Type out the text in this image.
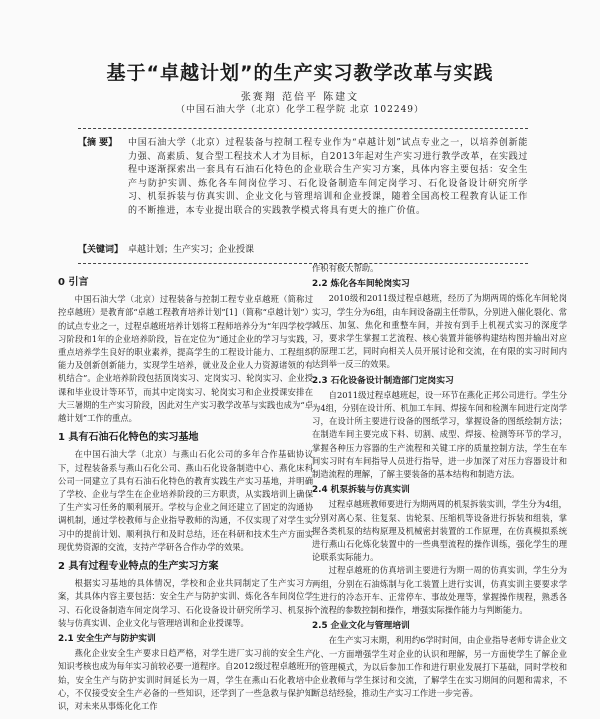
基于“卓越计划”的生产实习教学改革与实践
张赛翔 范倍平 陈建文
（中国石油大学（北京）化学工程学院 北京 102249）
【摘 要】	中国石油大学（北京）过程装备与控制工程专业作为“卓越计划”试点专业之一，以培养创新能力强、高素质、复合型工程技术人才为目标，自2013年起对生产实习进行教学改革，在实践过程中逐渐探索出一套具有石油石化特色的企业联合生产实习方案，具体内容主要包括：安全生产与防护实训、炼化各车间岗位学习、石化设备制造车间定岗学习、石化设备设计研究所学习、机泵拆装与仿真实训、企业文化与管理培训和企业授课，随着全国高校工程教育认证工作的不断推进，本专业提出联合的实践教学模式将具有更大的推广价值。
【关键词】 卓越计划；生产实习；企业授课
0 引言

中国石油大学（北京）过程装备与控制工程专业卓越班（简称过控卓越班）是教育部“卓越工程教育培养计划”[1]（简称“卓越计划”）的试点专业之一，过程卓越班培养计划将工程师培养分为“年四学校学习阶段和1年的企业培养阶段，旨在定位为“通过企业的学习与实践，重点培养学生良好的职业素养，提高学生的工程设计能力、工程组织能力及创新创新能力，实现学生培养，就业及企业人力资源诸领的有机结合”。企业培养阶段包括顶岗实习、定岗实习、轮岗实习、企业授课和毕业设计等环节，而其中定岗实习、轮岗实习和企业授课安排在大三暑期的生产实习阶段，因此对生产实习教学改革与实践也成为“卓越计划”工作的重点。

1 具有石油石化特色的实习基地

在中国石油大学（北京）与燕山石化公司的多年合作基础协议下，过程装备系与燕山石化公司、燕山石化设备制造中心、燕化床科公司一同建立了具有石油石化特色的教育实践生产实习基地，并明确了学校、企业与学生在企业培养阶段的三方职责，从实践培训上确保了生产实习任务的顺利展开。学校与企业之间还建立了固定的沟通协调机制，通过学校教师与企业指导教师的沟通，不仅实现了对学生实习中的提前计划、顺利执行和及时总结，还在科研和技术生产方面实现优势资源的交流，支持产学研各合作办学的效果。

2 具有过程专业特点的生产实习方案

根据实习基地的具体情况，学校和企业共同制定了生产实习方案，其具体内容主要包括：安全生产与防护实训、炼化各车间岗位学习、石化设备制造车间定岗学习、石化设备设计研究所学习、机泵拆装与仿真实训、企业文化与管理培训和企业授课等。

2.1 安全生产与防护实训

燕化企业安全生产要求日趋严格，对学生进厂实习前的安全生产知识考核也成为每年实习前较必要一道程序。自2012级过程卓越班开始，安全生产与防护实训时间延长为一周，学生在燕山石化教培中心，不仅接受安全生产必备的一些知识，还学到了一些急救与保护知识，对未来从事炼化化工作

作积有极大帮助。

2.2 炼化各车间轮岗实习

2010级和2011级过程卓越班，经历了为期两周的炼化车间轮岗实习，学生分为6组，由车间设备副主任带队，分别进入催化裂化、常减压、加氢、焦化和重整车间，并按有到手上机视式实习的深度学习，要求学生掌握工艺流程、核心装置并能够构建结构图并输出对应的原理工艺，同时向相关人员开展讨论和交流，在有限的实习时间内达到举一反三的效果。

2.3 石化设备设计制造部门定岗实习

自2011级过程卓越班起，设一环节在燕化正邦公司进行。学生分为4组，分别在设计所、机加工车间、焊接车间和检测车间进行定岗学习，在设计所主要进行设备的图纸学习，掌握设备的图纸绘制方法；在制造车间主要完成下料、切割、成型、焊接、检测等环节的学习，掌握各种压力容器的生产流程和关键工序的质量控制方法，学生在车间实习时有车间指导人员进行指导，进一步加深了对压力容器设计和制造流程的理解，了解主要装备的基本结构和制造方法。

2.4 机泵拆装与仿真实训

过程卓越班教师要进行为期两周的机泵拆装实训，学生分为4组，分别对离心泵、往复泵、齿轮泵、压缩机等设备进行拆装和组装，掌握各类机泵的结构原理及机械密封装置的工作原理，在仿真模拟系统进行燕山石化炼化装置中的一些典型流程的操作训练，强化学生的理论联系实际能力。

过程卓越班的仿真培训主要进行为期一周的仿真实训，学生分为两组，分别在石油炼制与化工装置上进行实训，仿真实训主要要求学生进行的冷态开车、正常停车、事故处理等，掌握操作规程，熟悉各个流程的参数控制和操作，增强实际操作能力与判断能力。

2.5 企业文化与管理培训

在生产实习末期，利用约6学时时间，由企业指导老师专讲企业文化、一方面增强学生对企业的认识和理解，另一方面使学生了解企业的管理模式，为以后参加工作和进行职业发展打下基础，同时学校和企业教师与学生探讨和交流，了解学生在实习期间的问题和需求，不断总结经验，推动生产实习工作进一步完善。
